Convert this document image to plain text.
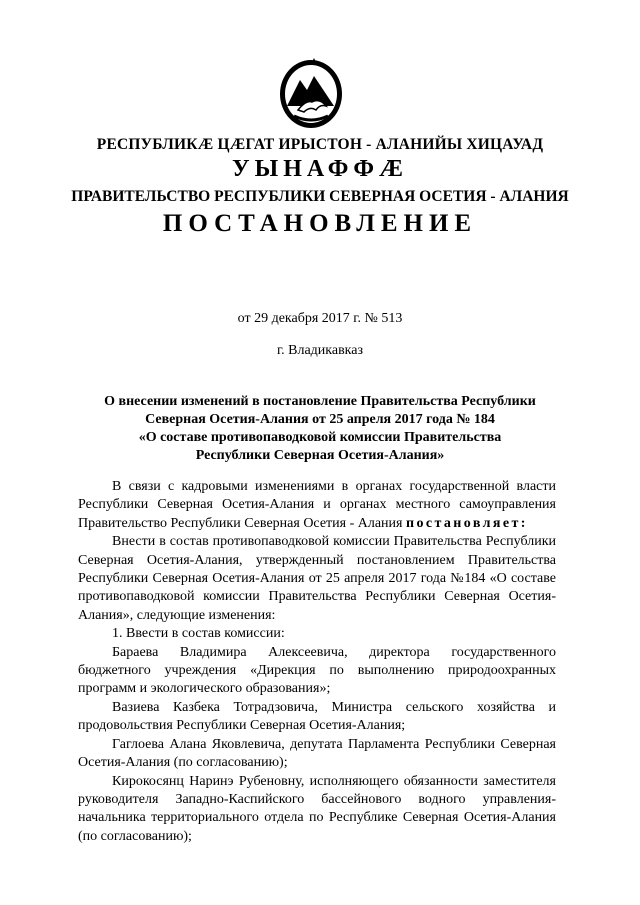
РЕСПУБЛИКӔ ЦӔГАТ ИРЫСТОН - АЛАНИЙЫ ХИЦАУАД
УЫНАФФӔ
ПРАВИТЕЛЬСТВО РЕСПУБЛИКИ СЕВЕРНАЯ ОСЕТИЯ - АЛАНИЯ
ПОСТАНОВЛЕНИЕ
от 29 декабря 2017 г. № 513
г. Владикавказ
О внесении изменений в постановление Правительства Республики
Северная Осетия-Алания от 25 апреля 2017 года № 184
«О составе противопаводковой комиссии Правительства
Республики Северная Осетия-Алания»

В связи с кадровыми изменениями в органах государственной власти Республики Северная Осетия-Алания и органах местного самоуправления Правительство Республики Северная Осетия - Алания постановляет:

Внести в состав противопаводковой комиссии Правительства Республики Северная Осетия-Алания, утвержденный постановлением Правительства Республики Северная Осетия-Алания от 25 апреля 2017 года №184 «О составе противопаводковой комиссии Правительства Республики Северная Осетия-Алания», следующие изменения:

1. Ввести в состав комиссии:

Бараева Владимира Алексеевича, директора государственного бюджетного учреждения «Дирекция по выполнению природоохранных программ и экологического образования»;

Вазиева Казбека Тотрадзовича, Министра сельского хозяйства и продовольствия Республики Северная Осетия-Алания;

Гаглоева Алана Яковлевича, депутата Парламента Республики Северная Осетия-Алания (по согласованию);

Кирокосянц Наринэ Рубеновну, исполняющего обязанности заместителя руководителя Западно-Каспийского бассейнового водного управления-начальника территориального отдела по Республике Северная Осетия-Алания (по согласованию);
